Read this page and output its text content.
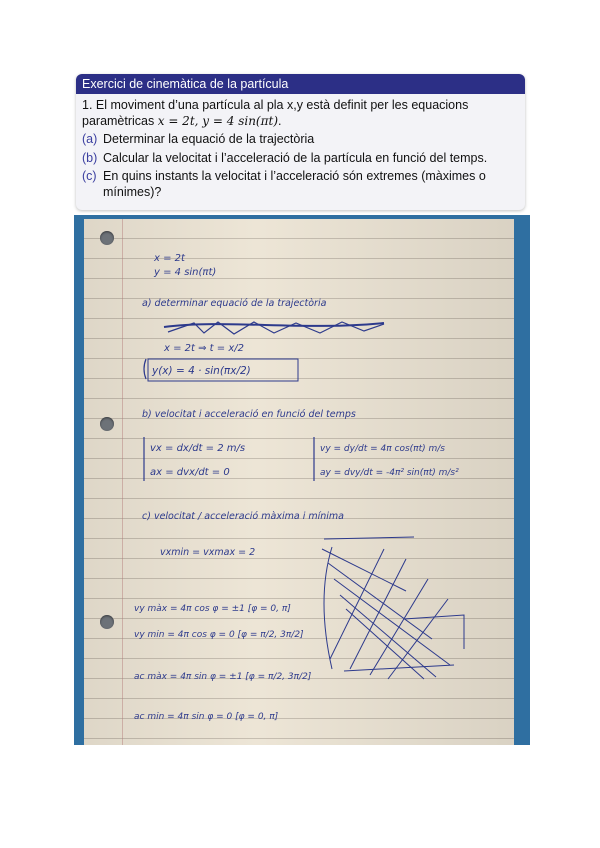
Exercici de cinemàtica de la partícula
1. El moviment d’una partícula al pla x,y està definit per les equacions
paramètricas x = 2t, y = 4 sin(πt).
(a) Determinar la equació de la trajectòria
(b) Calcular la velocitat i l’acceleració de la partícula en funció del temps.
(c) En quins instants la velocitat i l’acceleració són extremes (màximes o mínimes)?
x = 2t
y = 4 sin(πt)
a) determinar equació de la trajectòria
x = 2t ⇒ t = x/2
y(x) = 4 · sin(πx/2)
b) velocitat i acceleració en funció del temps
vx = dx/dt = 2 m/s
ax = dvx/dt = 0
vy = dy/dt = 4π cos(πt) m/s
ay = dvy/dt = -4π² sin(πt) m/s²
c) velocitat / acceleració màxima i mínima
vxmin = vxmax = 2
vy màx = 4π cos φ = ±1 [φ = 0, π]
vy min = 4π cos φ = 0 [φ = π/2, 3π/2]
ac màx = 4π sin φ = ±1 [φ = π/2, 3π/2]
ac min = 4π sin φ = 0 [φ = 0, π]
